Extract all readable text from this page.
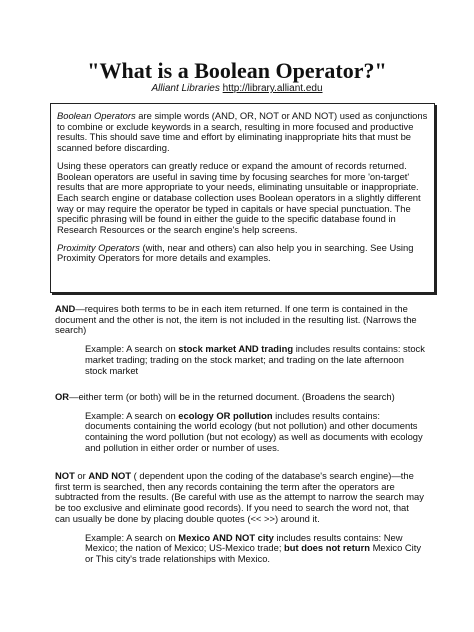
"What is a Boolean Operator?"
Alliant Libraries http://library.alliant.edu

Boolean Operators are simple words (AND, OR, NOT or AND NOT) used as conjunctions to combine or exclude keywords in a search, resulting in more focused and productive results. This should save time and effort by eliminating inappropriate hits that must be scanned before discarding.

Using these operators can greatly reduce or expand the amount of records returned. Boolean operators are useful in saving time by focusing searches for more 'on-target' results that are more appropriate to your needs, eliminating unsuitable or inappropriate. Each search engine or database collection uses Boolean operators in a slightly different way or may require the operator be typed in capitals or have special punctuation. The specific phrasing will be found in either the guide to the specific database found in Research Resources or the search engine's help screens.

Proximity Operators (with, near and others) can also help you in searching. See Using Proximity Operators for more details and examples.

AND—requires both terms to be in each item returned. If one term is contained in the document and the other is not, the item is not included in the resulting list. (Narrows the search)

Example: A search on stock market AND trading includes results contains: stock market trading; trading on the stock market; and trading on the late afternoon stock market

OR—either term (or both) will be in the returned document. (Broadens the search)

Example: A search on ecology OR pollution includes results contains: documents containing the world ecology (but not pollution) and other documents containing the word pollution (but not ecology) as well as documents with ecology and pollution in either order or number of uses.

NOT or AND NOT ( dependent upon the coding of the database's search engine)—the first term is searched, then any records containing the term after the operators are subtracted from the results. (Be careful with use as the attempt to narrow the search may be too exclusive and eliminate good records). If you need to search the word not, that can usually be done by placing double quotes (<< >>) around it.

Example: A search on Mexico AND NOT city includes results contains: New Mexico; the nation of Mexico; US-Mexico trade; but does not return Mexico City or This city's trade relationships with Mexico.
